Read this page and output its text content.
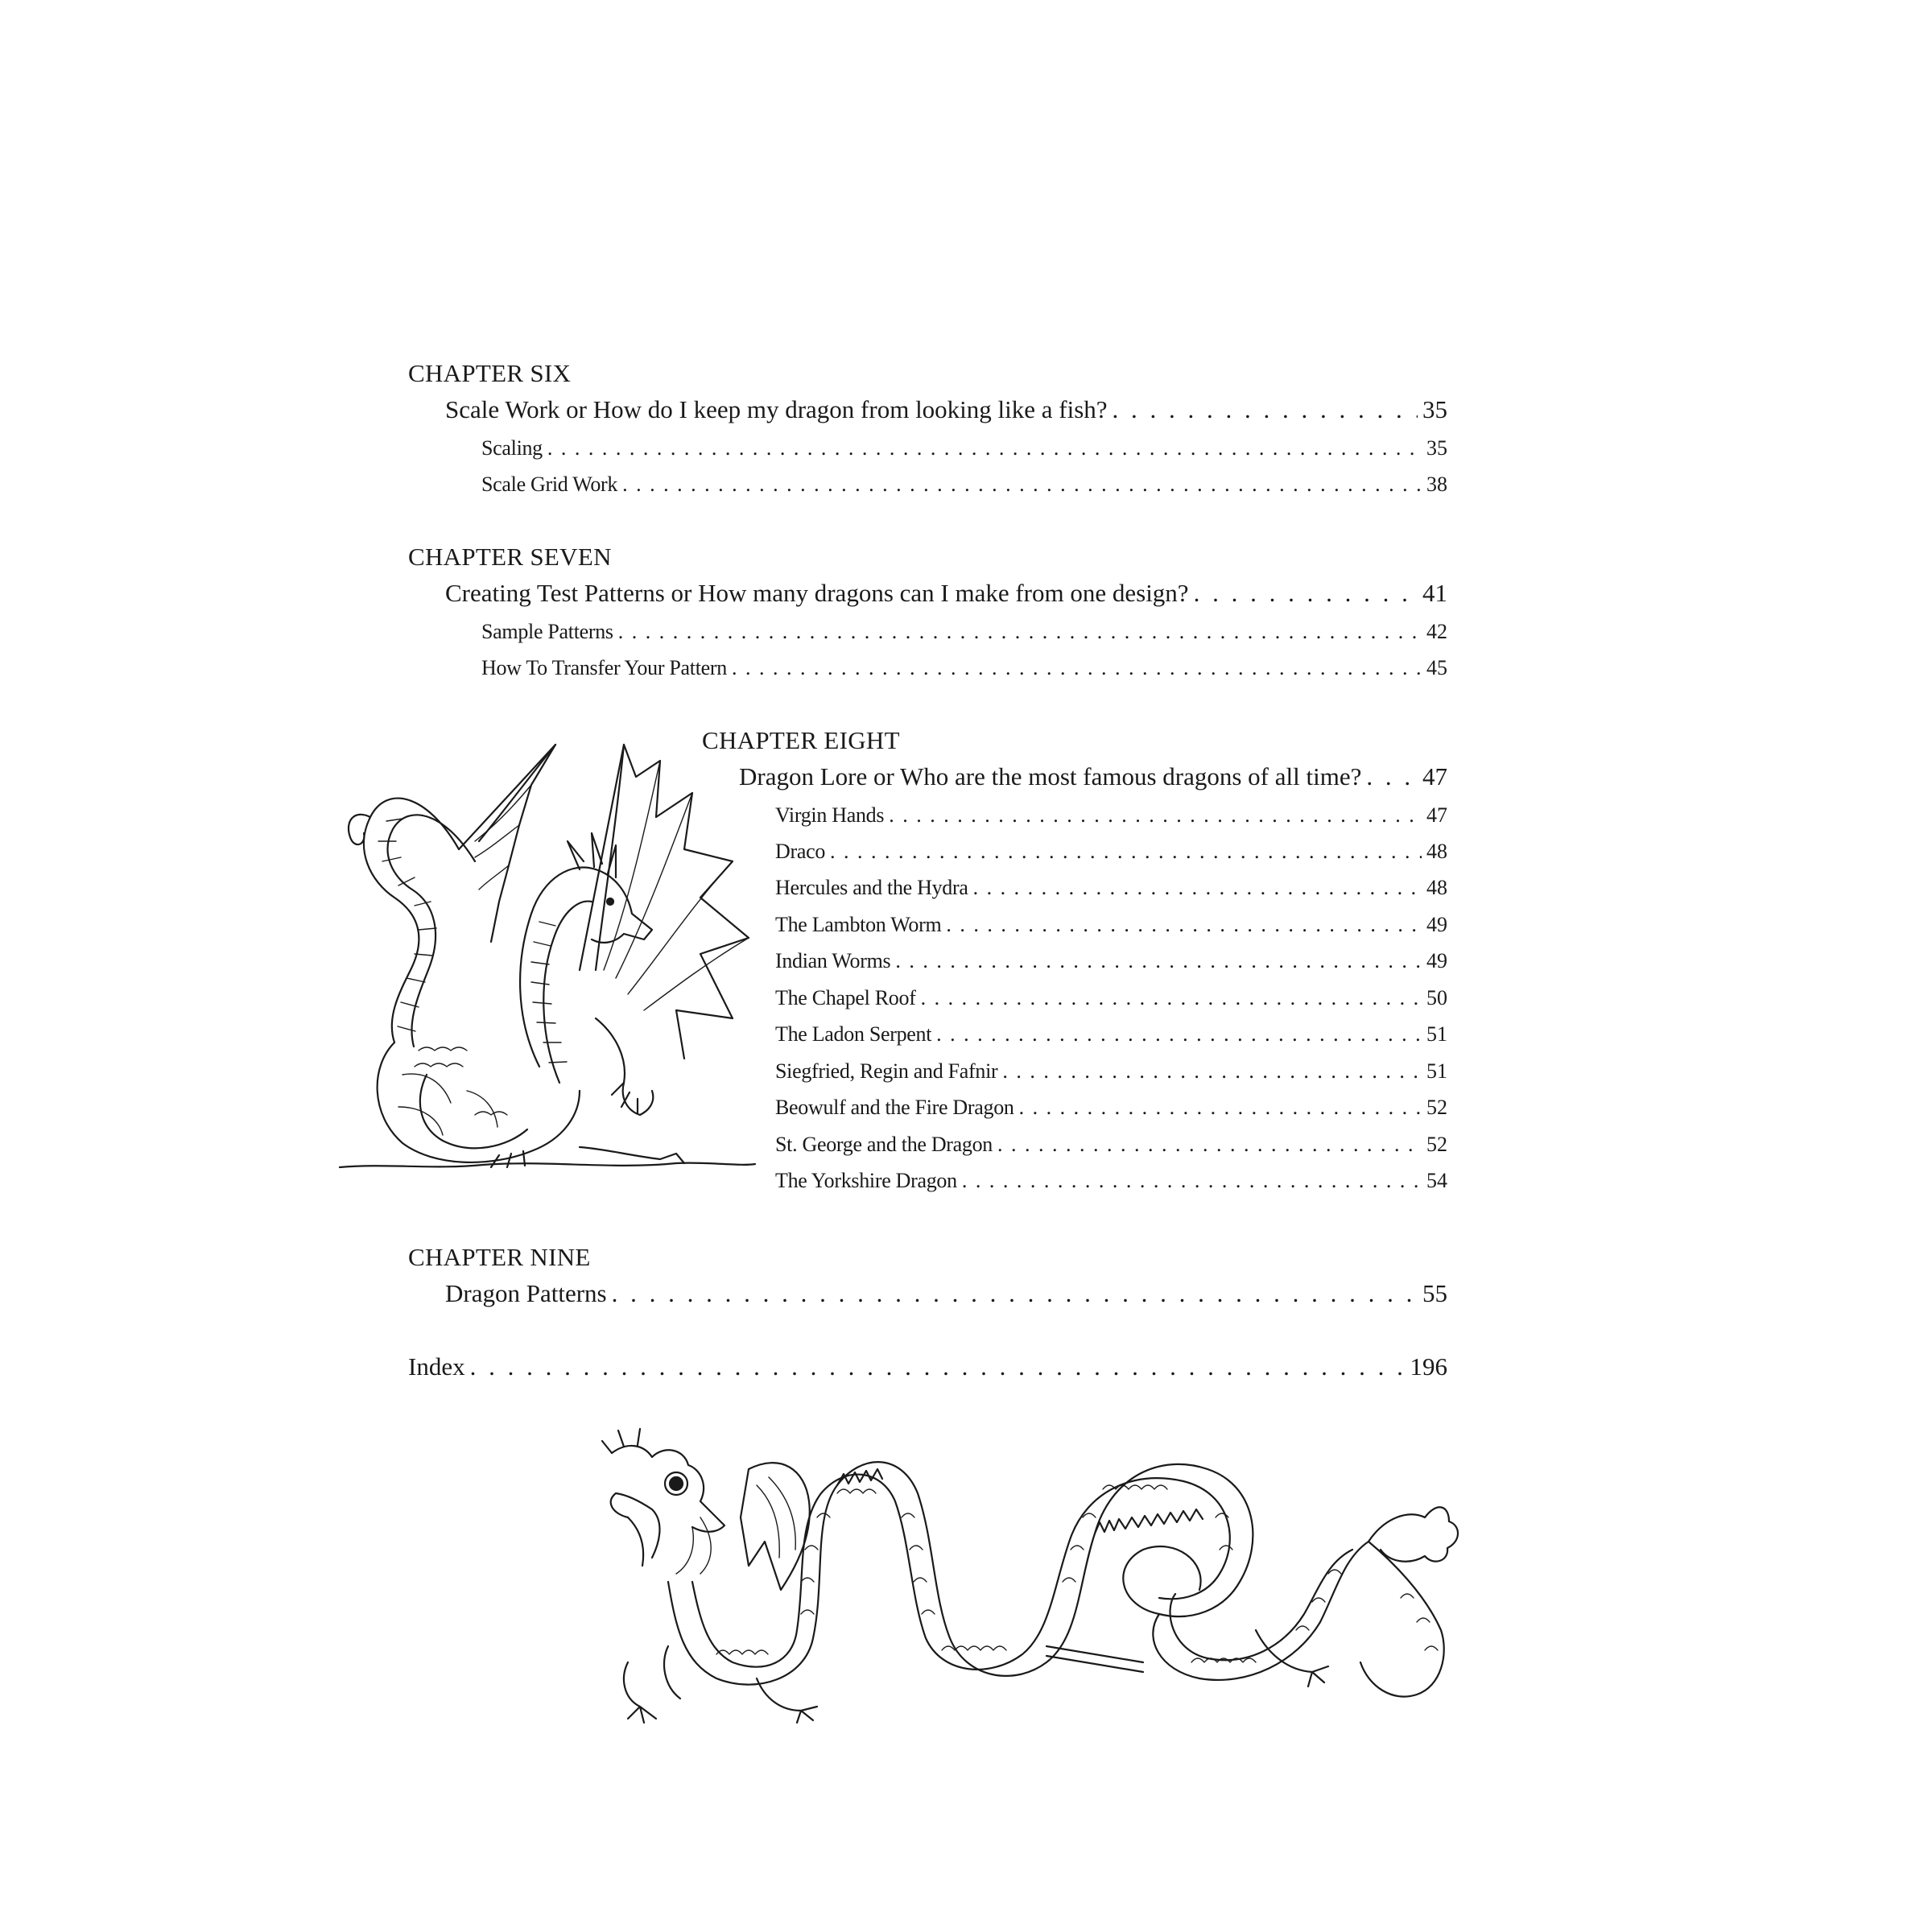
CHAPTER SIX
Scale Work or How do I keep my dragon from looking like a fish? . . .	35
Scaling . . .	35
Scale Grid Work . . .	38
CHAPTER SEVEN
Creating Test Patterns or How many dragons can I make from one design? . . .	41
Sample Patterns . . .	42
How To Transfer Your Pattern . . .	45
CHAPTER EIGHT
Dragon Lore or Who are the most famous dragons of all time? . . . 47
Virgin Hands . . .	47
Draco . . .	48
Hercules and the Hydra . . .	48
The Lambton Worm . . .	49
Indian Worms . . .	49
The Chapel Roof . . .	50
The Ladon Serpent . . .	51
Siegfried, Regin and Fafnir . . .	51
Beowulf and the Fire Dragon . . .	52
St. George and the Dragon . . .	52
The Yorkshire Dragon . . .	54
CHAPTER NINE
Dragon Patterns . . .	55
Index . . .	196
